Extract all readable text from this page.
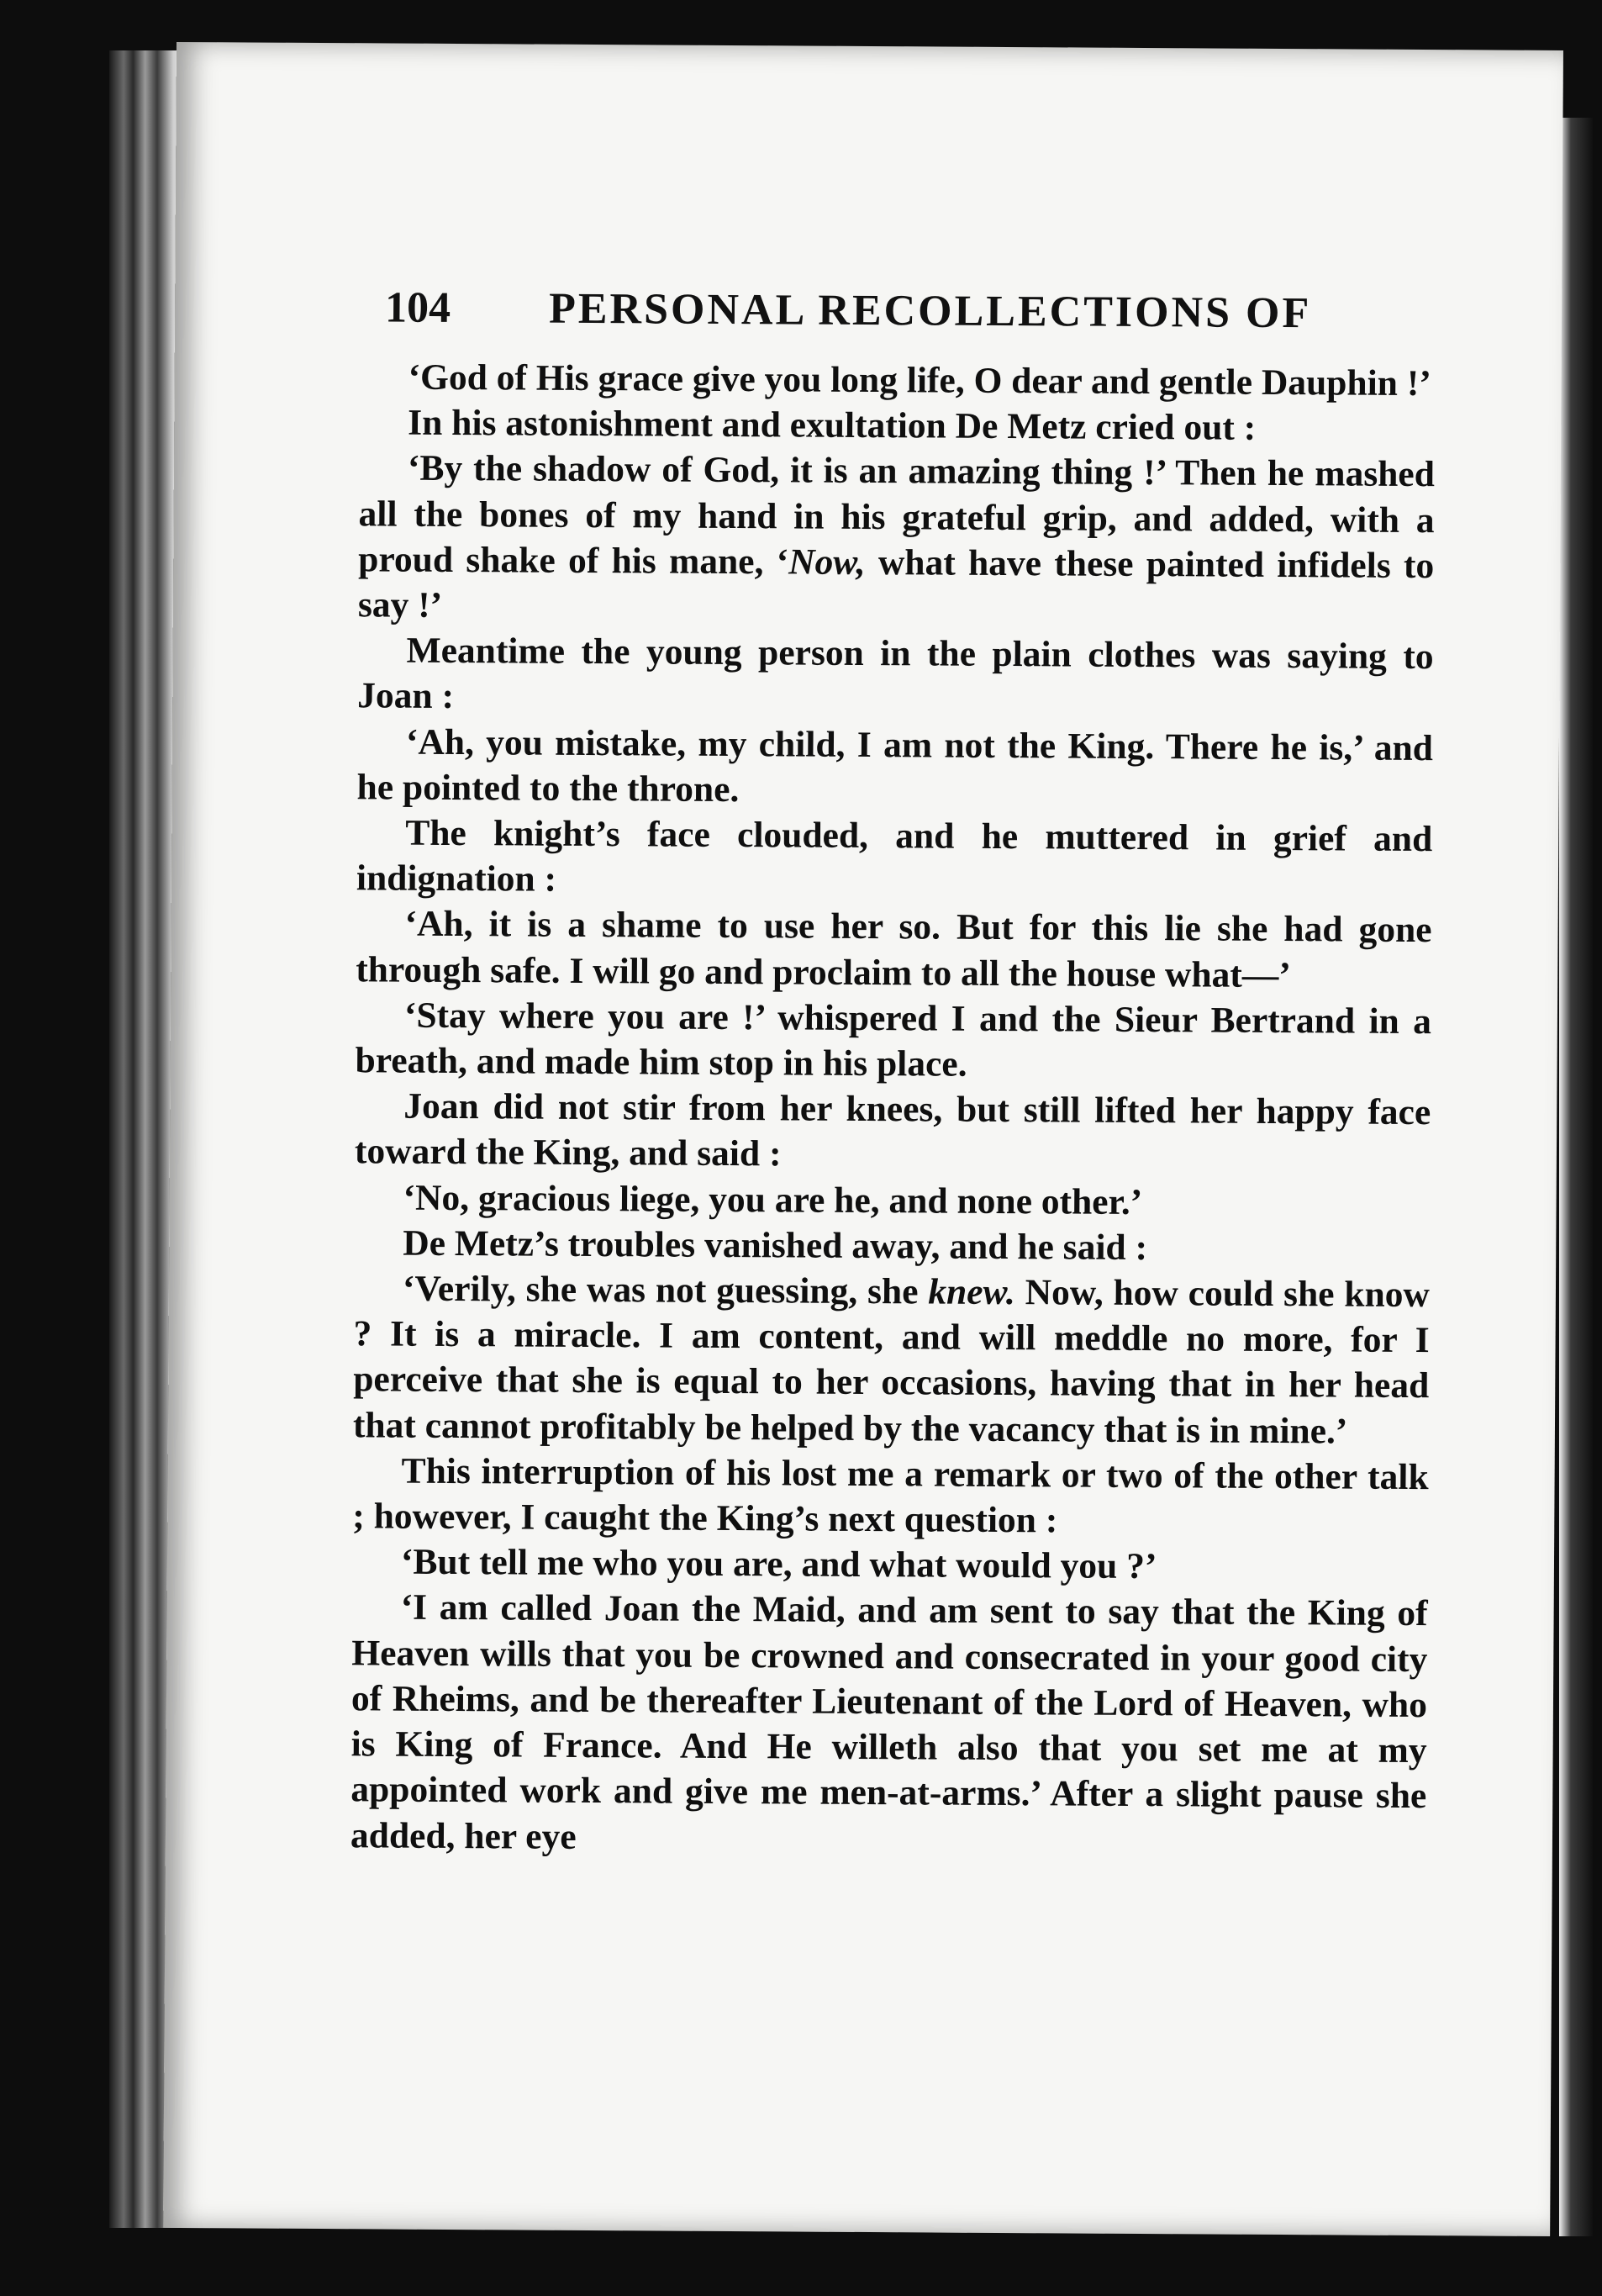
104 PERSONAL RECOLLECTIONS OF

‘God of His grace give you long life, O dear and gentle Dauphin !’

In his astonishment and exultation De Metz cried out :

‘By the shadow of God, it is an amazing thing !’ Then he mashed all the bones of my hand in his grateful grip, and added, with a proud shake of his mane, ‘Now, what have these painted infidels to say !’

Meantime the young person in the plain clothes was saying to Joan :

‘Ah, you mistake, my child, I am not the King. There he is,’ and he pointed to the throne.

The knight’s face clouded, and he muttered in grief and indignation :

‘Ah, it is a shame to use her so. But for this lie she had gone through safe. I will go and proclaim to all the house what—’

‘Stay where you are !’ whispered I and the Sieur Bertrand in a breath, and made him stop in his place.

Joan did not stir from her knees, but still lifted her happy face toward the King, and said :

‘No, gracious liege, you are he, and none other.’

De Metz’s troubles vanished away, and he said :

‘Verily, she was not guessing, she knew. Now, how could she know ? It is a miracle. I am content, and will meddle no more, for I perceive that she is equal to her occasions, having that in her head that cannot profitably be helped by the vacancy that is in mine.’

This interruption of his lost me a remark or two of the other talk ; however, I caught the King’s next question :

‘But tell me who you are, and what would you ?’

‘I am called Joan the Maid, and am sent to say that the King of Heaven wills that you be crowned and consecrated in your good city of Rheims, and be thereafter Lieutenant of the Lord of Heaven, who is King of France. And He willeth also that you set me at my appointed work and give me men-at-arms.’ After a slight pause she added, her eye
